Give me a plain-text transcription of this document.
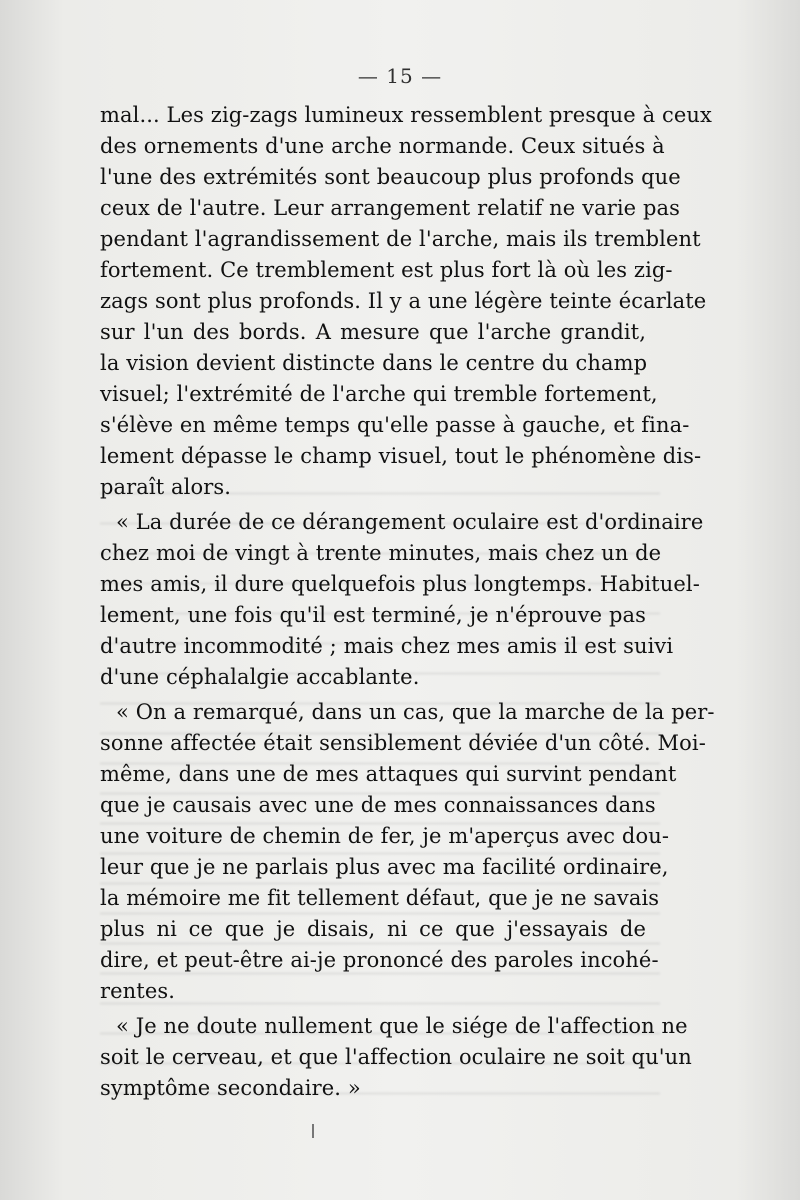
— 15 —
mal... Les zig-zags lumineux ressemblent presque à ceux
des ornements d'une arche normande. Ceux situés à
l'une des extrémités sont beaucoup plus profonds que
ceux de l'autre. Leur arrangement relatif ne varie pas
pendant l'agrandissement de l'arche, mais ils tremblent
fortement. Ce tremblement est plus fort là où les zig-
zags sont plus profonds. Il y a une légère teinte écarlate
sur l'un des bords. A mesure que l'arche grandit,
la vision devient distincte dans le centre du champ
visuel; l'extrémité de l'arche qui tremble fortement,
s'élève en même temps qu'elle passe à gauche, et fina-
lement dépasse le champ visuel, tout le phénomène dis-
paraît alors.
« La durée de ce dérangement oculaire est d'ordinaire
chez moi de vingt à trente minutes, mais chez un de
mes amis, il dure quelquefois plus longtemps. Habituel-
lement, une fois qu'il est terminé, je n'éprouve pas
d'autre incommodité ; mais chez mes amis il est suivi
d'une céphalalgie accablante.
« On a remarqué, dans un cas, que la marche de la per-
sonne affectée était sensiblement déviée d'un côté. Moi-
même, dans une de mes attaques qui survint pendant
que je causais avec une de mes connaissances dans
une voiture de chemin de fer, je m'aperçus avec dou-
leur que je ne parlais plus avec ma facilité ordinaire,
la mémoire me fit tellement défaut, que je ne savais
plus ni ce que je disais, ni ce que j'essayais de
dire, et peut-être ai-je prononcé des paroles incohé-
rentes.
« Je ne doute nullement que le siége de l'affection ne
soit le cerveau, et que l'affection oculaire ne soit qu'un
symptôme secondaire. »
